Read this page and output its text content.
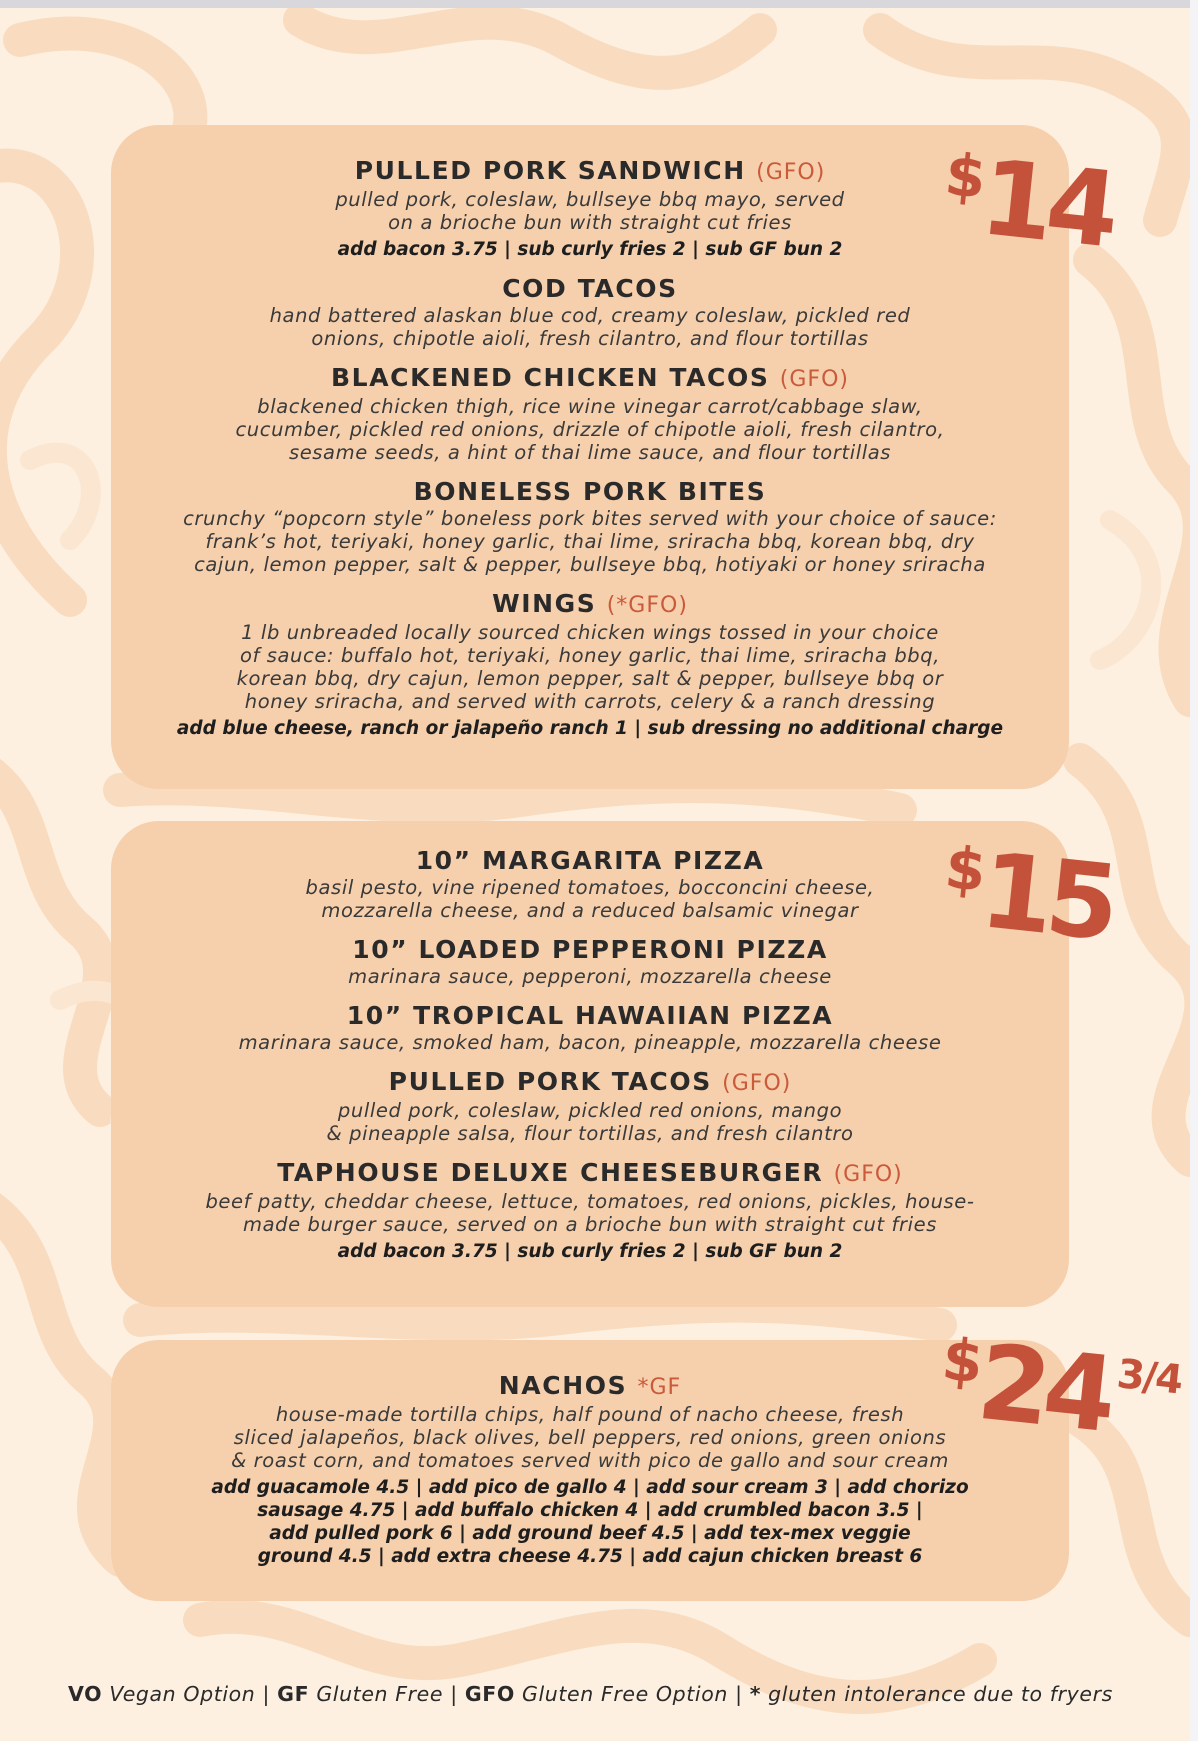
PULLED PORK SANDWICH (GFO)
pulled pork, coleslaw, bullseye bbq mayo, served
on a brioche bun with straight cut fries
add bacon 3.75 | sub curly fries 2 | sub GF bun 2
COD TACOS
hand battered alaskan blue cod, creamy coleslaw, pickled red
onions, chipotle aioli, fresh cilantro, and flour tortillas
BLACKENED CHICKEN TACOS (GFO)
blackened chicken thigh, rice wine vinegar carrot/cabbage slaw,
cucumber, pickled red onions, drizzle of chipotle aioli, fresh cilantro,
sesame seeds, a hint of thai lime sauce, and flour tortillas
BONELESS PORK BITES
crunchy “popcorn style” boneless pork bites served with your choice of sauce:
frank’s hot, teriyaki, honey garlic, thai lime, sriracha bbq, korean bbq, dry
cajun, lemon pepper, salt & pepper, bullseye bbq, hotiyaki or honey sriracha
WINGS (*GFO)
1 lb unbreaded locally sourced chicken wings tossed in your choice
of sauce: buffalo hot, teriyaki, honey garlic, thai lime, sriracha bbq,
korean bbq, dry cajun, lemon pepper, salt & pepper, bullseye bbq or
honey sriracha, and served with carrots, celery & a ranch dressing
add blue cheese, ranch or jalapeño ranch 1 | sub dressing no additional charge
10” MARGARITA PIZZA
basil pesto, vine ripened tomatoes, bocconcini cheese,
mozzarella cheese, and a reduced balsamic vinegar
10” LOADED PEPPERONI PIZZA
marinara sauce, pepperoni, mozzarella cheese
10” TROPICAL HAWAIIAN PIZZA
marinara sauce, smoked ham, bacon, pineapple, mozzarella cheese
PULLED PORK TACOS (GFO)
pulled pork, coleslaw, pickled red onions, mango
& pineapple salsa, flour tortillas, and fresh cilantro
TAPHOUSE DELUXE CHEESEBURGER (GFO)
beef patty, cheddar cheese, lettuce, tomatoes, red onions, pickles, house-
made burger sauce, served on a brioche bun with straight cut fries
add bacon 3.75 | sub curly fries 2 | sub GF bun 2
NACHOS *GF
house-made tortilla chips, half pound of nacho cheese, fresh
sliced jalapeños, black olives, bell peppers, red onions, green onions
& roast corn, and tomatoes served with pico de gallo and sour cream
add guacamole 4.5 | add pico de gallo 4 | add sour cream 3 | add chorizo
sausage 4.75 | add buffalo chicken 4 | add crumbled bacon 3.5 |
add pulled pork 6 | add ground beef 4.5 | add tex-mex veggie
ground 4.5 | add extra cheese 4.75 | add cajun chicken breast 6
$14
$15
$243/4
VO Vegan Option | GF Gluten Free | GFO Gluten Free Option | * gluten intolerance due to fryers
